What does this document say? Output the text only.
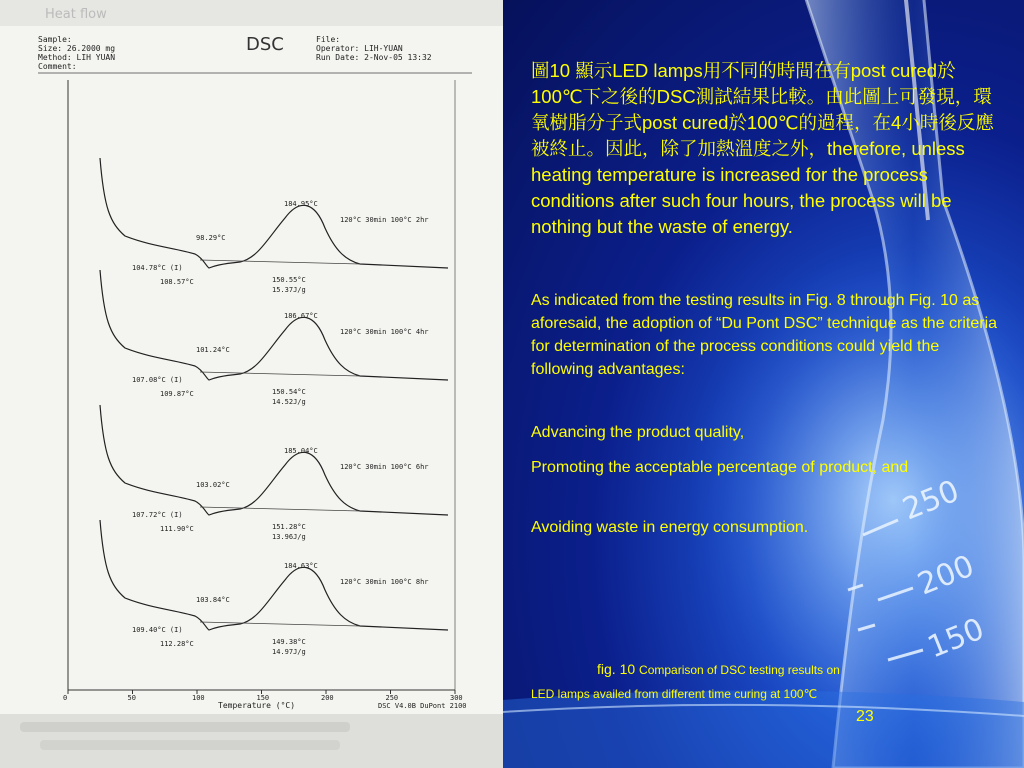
Heat flow
Sample:
Size: 26.2000 mg
Method: LIH YUAN
Comment:
File:
Operator: LIH-YUAN
Run Date: 2-Nov-05 13:32
DSC
184.95°C
98.29°C
104.78°C (I)
108.57°C	150.55°C
15.37J/g
120°C 30min 100°C 2hr
186.67°C
101.24°C
107.08°C (I)
109.87°C	150.54°C
14.52J/g
120°C 30min 100°C 4hr
185.04°C
103.02°C
107.72°C (I)
111.90°C	151.28°C
13.96J/g
120°C 30min 100°C 6hr
184.63°C
103.84°C
109.40°C (I)
112.28°C	149.38°C
14.97J/g
120°C 30min 100°C 8hr
0	50	100	150	200	250	300
Temperature (°C)	DSC V4.0B DuPont 2100
250
200
150
圖10 顯示LED lamps用不同的時間在有post cured於100℃下之後的DSC測試結果比較。由此圖上可發現，環氧樹脂分子式post cured於100℃的過程，在4小時後反應被終止。因此，除了加熱溫度之外，therefore, unless heating temperature is increased for the process conditions after such four hours, the process will be nothing but the waste of energy.
As indicated from the testing results in Fig. 8 through Fig. 10 as aforesaid, the adoption of “Du Pont DSC” technique as the criteria for determination of the process conditions could yield the following advantages:
Advancing the product quality,
Promoting the acceptable percentage of product, and
Avoiding waste in energy consumption.
fig. 10 Comparison of DSC testing results on
LED lamps availed from different time curing at 100℃
23
